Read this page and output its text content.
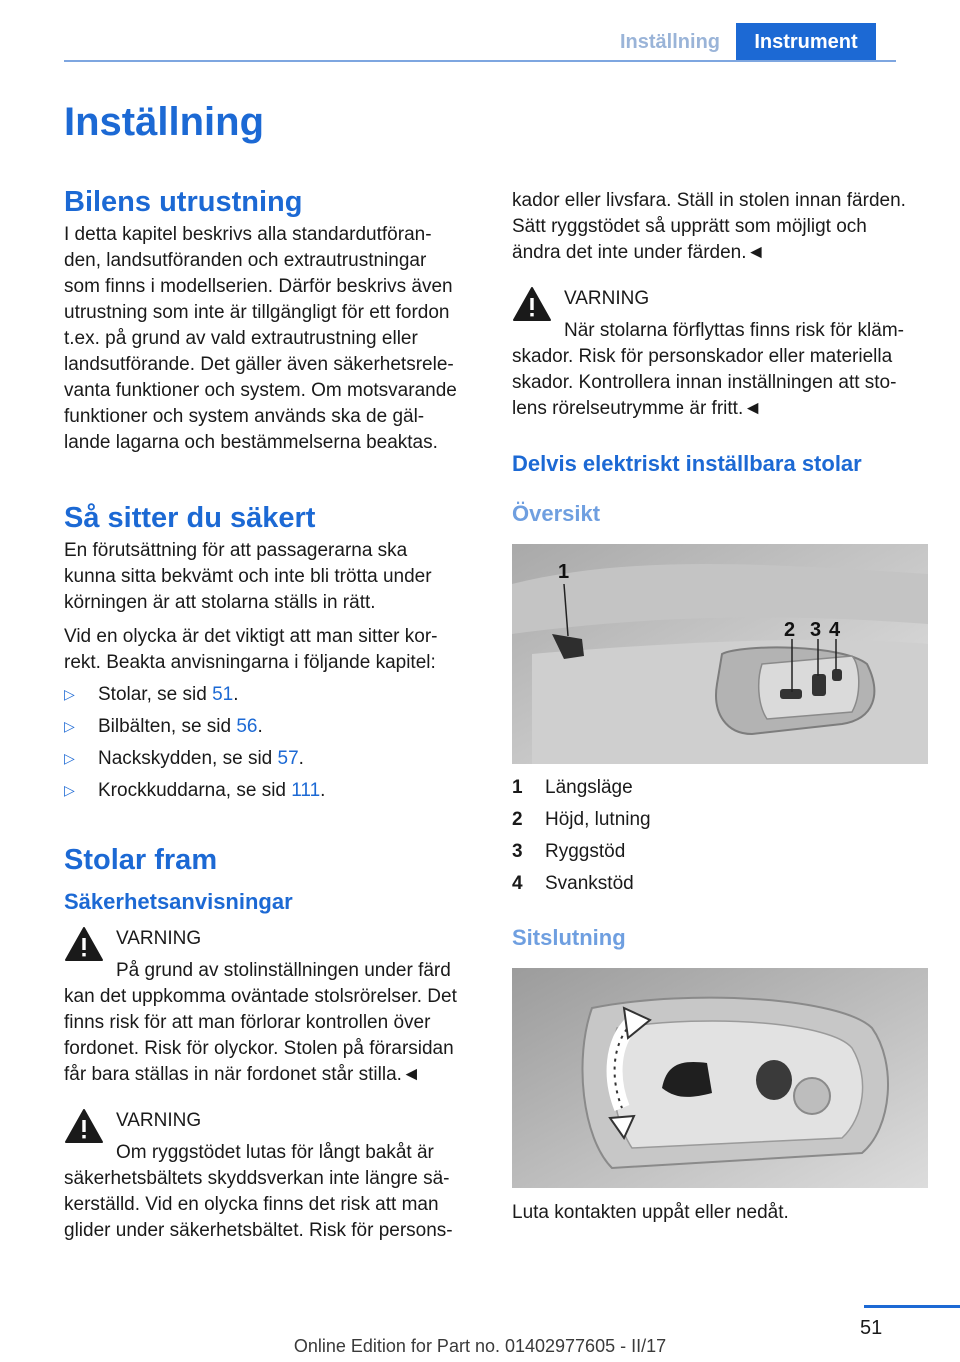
Inställning	Instrument
Inställning
Bilens utrustning

I detta kapitel beskrivs alla standardutföran-
den, landsutföranden och extrautrustningar
som finns i modellserien. Därför beskrivs även
utrustning som inte är tillgängligt för ett fordon
t.ex. på grund av vald extrautrustning eller
landsutförande. Det gäller även säkerhetsrele-
vanta funktioner och system. Om motsvarande
funktioner och system används ska de gäl-
lande lagarna och bestämmelserna beaktas.

Så sitter du säkert

En förutsättning för att passagerarna ska
kunna sitta bekvämt och inte bli trötta under
körningen är att stolarna ställs in rätt.

Vid en olycka är det viktigt att man sitter kor-
rekt. Beakta anvisningarna i följande kapitel:

▷ Stolar, se sid 51.
▷ Bilbälten, se sid 56.
▷ Nackskydden, se sid 57.
▷ Krockkuddarna, se sid 111.
Stolar fram
Säkerhetsanvisningar
VARNING
På grund av stolinställningen under färd
kan det uppkomma oväntade stolsrörelser. Det
finns risk för att man förlorar kontrollen över
fordonet. Risk för olyckor. Stolen på förarsidan
får bara ställas in när fordonet står stilla.◄
VARNING
Om ryggstödet lutas för långt bakåt är
säkerhetsbältets skyddsverkan inte längre sä-
kerställd. Vid en olycka finns det risk att man
glider under säkerhetsbältet. Risk för persons-

kador eller livsfara. Ställ in stolen innan färden.
Sätt ryggstödet så upprätt som möjligt och
ändra det inte under färden.◄

VARNING
När stolarna förflyttas finns risk för kläm-
skador. Risk för personskador eller materiella
skador. Kontrollera innan inställningen att sto-
lens rörelseutrymme är fritt.◄
Delvis elektriskt inställbara stolar
Översikt
1
2 3 4
1	Längsläge
2	Höjd, lutning
3	Ryggstöd
4	Svankstöd
Sitslutning

Luta kontakten uppåt eller nedåt.

51
Online Edition for Part no. 01402977605 - II/17
